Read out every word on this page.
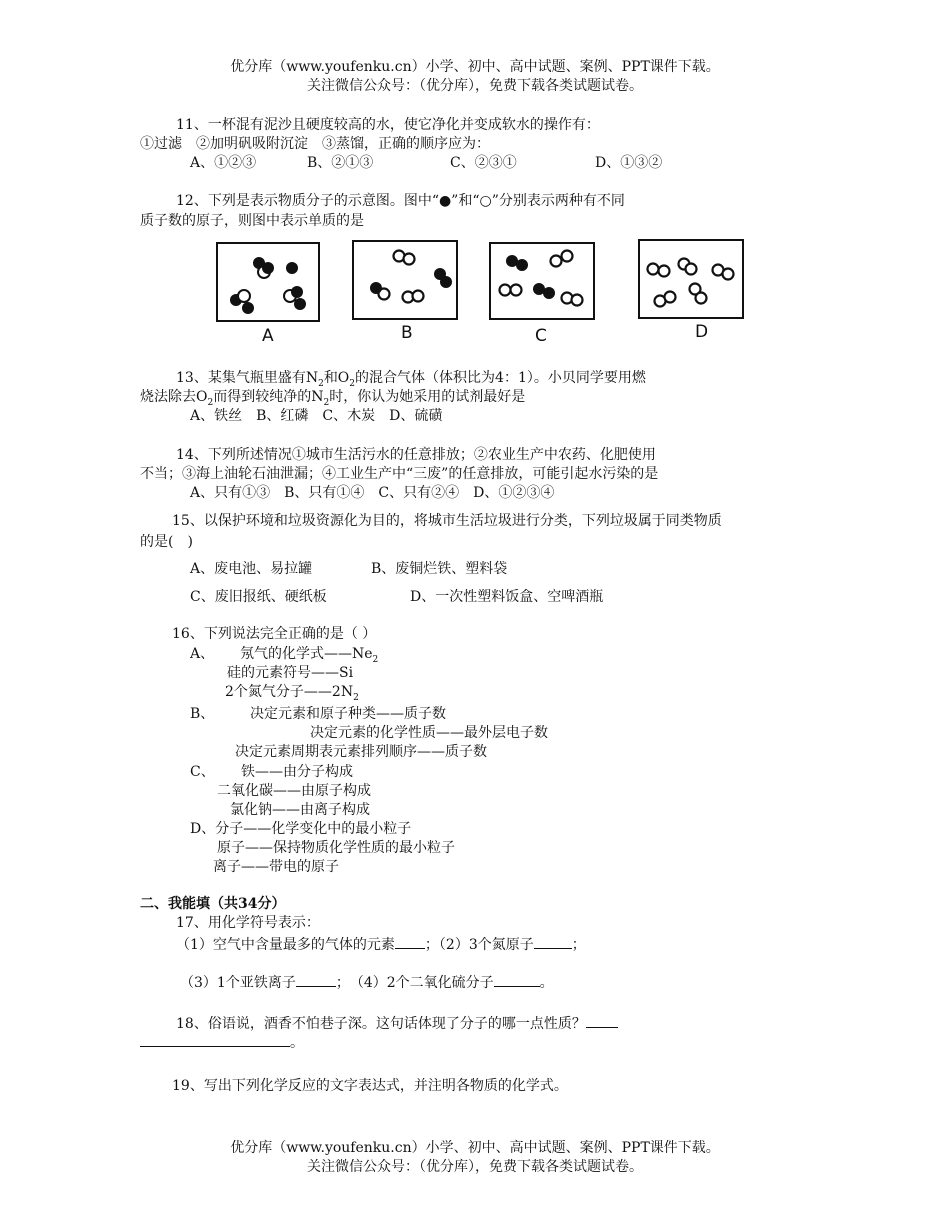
优分库（www.youfenku.cn）小学、初中、高中试题、案例、PPT课件下载。
关注微信公众号：（优分库），免费下载各类试题试卷。
11、一杯混有泥沙且硬度较高的水，使它净化并变成软水的操作有：
①过滤　②加明矾吸附沉淀　③蒸馏，正确的顺序应为：
A、①②③	B、②①③	C、②③①	D、①③②
12、下列是表示物质分子的示意图。图中“●”和“○”分别表示两种有不同
质子数的原子，则图中表示单质的是
A	B	C	D
13、某集气瓶里盛有$N_2$和$O_2$的混合气体（体积比为4：1）。小贝同学要用燃
烧法除去$O_2$而得到较纯净的$N_2$时，你认为她采用的试剂最好是
A、铁丝　B、红磷　C、木炭　D、硫磺
14、下列所述情况①城市生活污水的任意排放；②农业生产中农药、化肥使用
不当；③海上油轮石油泄漏；④工业生产中“三废”的任意排放，可能引起水污染的是
A、只有①③　B、只有①④　C、只有②④　D、①②③④
15、以保护环境和垃圾资源化为目的，将城市生活垃圾进行分类，下列垃圾属于同类物质
的是(　)
A、废电池、易拉罐	B、废铜烂铁、塑料袋
C、废旧报纸、硬纸板	D、一次性塑料饭盒、空啤酒瓶
16、下列说法完全正确的是（ ）
A、 氖气的化学式$——Ne_2$
硅的元素符号——Si
2个氮气分子$——2N_2$
B、	决定元素和原子种类——质子数
决定元素的化学性质——最外层电子数
决定元素周期表元素排列顺序——质子数
C、 铁——由分子构成
二氧化碳——由原子构成
氯化钠——由离子构成
D、分子——化学变化中的最小粒子
原子——保持物质化学性质的最小粒子
离子——带电的原子
二、我能填（共34分）
17、用化学符号表示：
（1）空气中含量最多的气体的元素 ；（2）3个氮原子	；
（3）1个亚铁离子	；　（4）2个二氧化硫分子	。
18、俗语说，酒香不怕巷子深。这句话体现了分子的哪一点性质？
。
19、写出下列化学反应的文字表达式，并注明各物质的化学式。
优分库（www.youfenku.cn）小学、初中、高中试题、案例、PPT课件下载。
关注微信公众号：（优分库），免费下载各类试题试卷。
